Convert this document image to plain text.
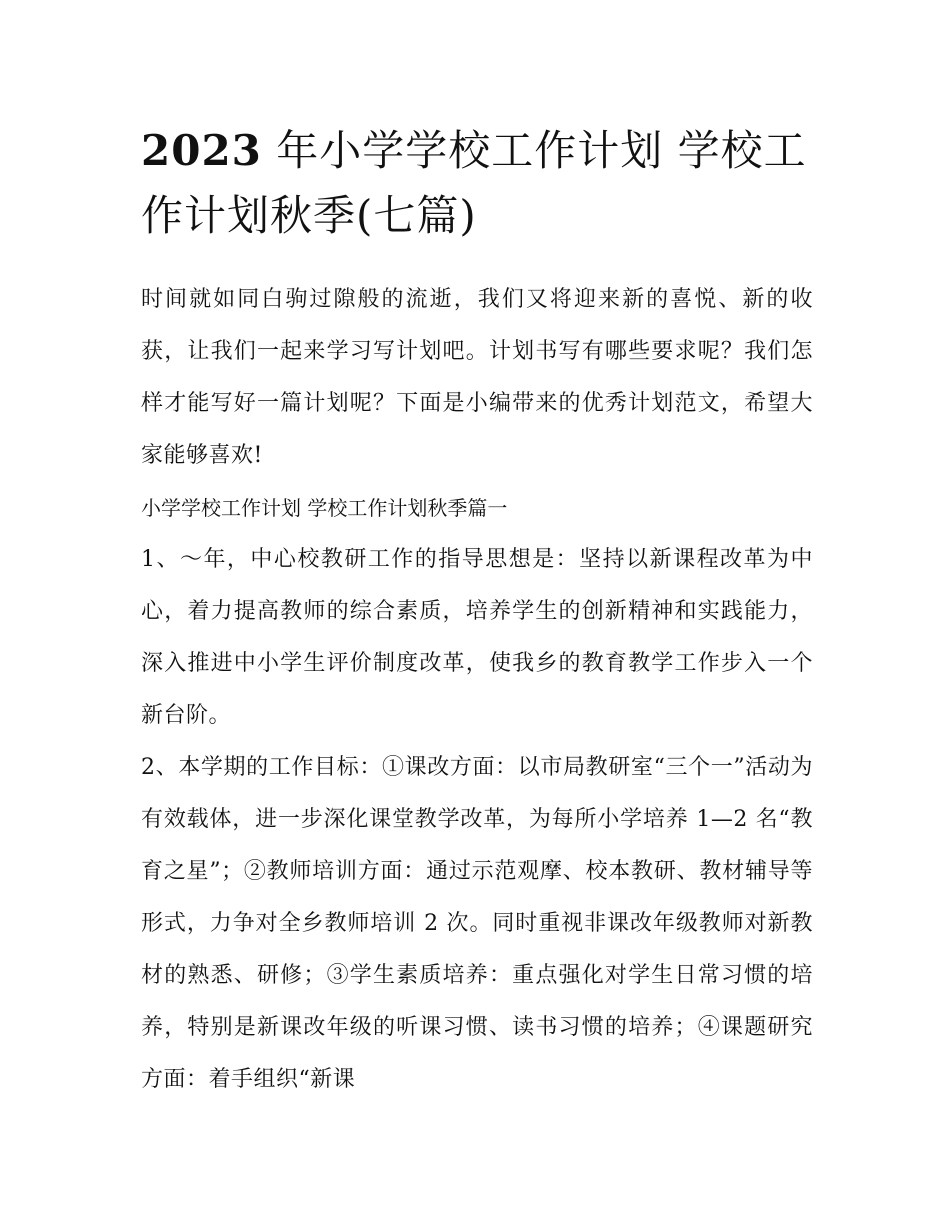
2023 年小学学校工作计划 学校工作计划秋季(七篇)

时间就如同白驹过隙般的流逝，我们又将迎来新的喜悦、新的收获，让我们一起来学习写计划吧。计划书写有哪些要求呢？我们怎样才能写好一篇计划呢？下面是小编带来的优秀计划范文，希望大家能够喜欢!

小学学校工作计划 学校工作计划秋季篇一

1、～年，中心校教研工作的指导思想是：坚持以新课程改革为中心，着力提高教师的综合素质，培养学生的创新精神和实践能力，深入推进中小学生评价制度改革，使我乡的教育教学工作步入一个新台阶。

2、本学期的工作目标：①课改方面：以市局教研室“三个一”活动为有效载体，进一步深化课堂教学改革，为每所小学培养 1—2 名“教育之星”；②教师培训方面：通过示范观摩、校本教研、教材辅导等形式，力争对全乡教师培训 2 次。同时重视非课改年级教师对新教材的熟悉、研修；③学生素质培养：重点强化对学生日常习惯的培养，特别是新课改年级的听课习惯、读书习惯的培养；④课题研究方面：着手组织“新课
